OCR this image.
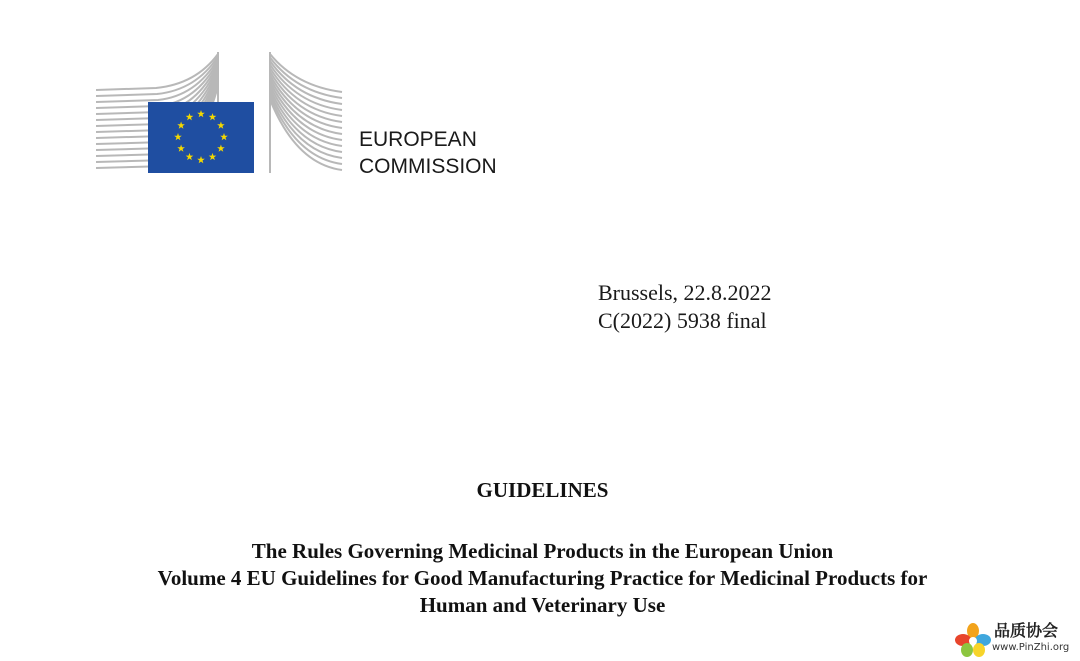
EUROPEAN
COMMISSION
Brussels, 22.8.2022
C(2022) 5938 final
GUIDELINES
The Rules Governing Medicinal Products in the European Union
Volume 4 EU Guidelines for Good Manufacturing Practice for Medicinal Products for
Human and Veterinary Use
品质协会
www.PinZhi.org
